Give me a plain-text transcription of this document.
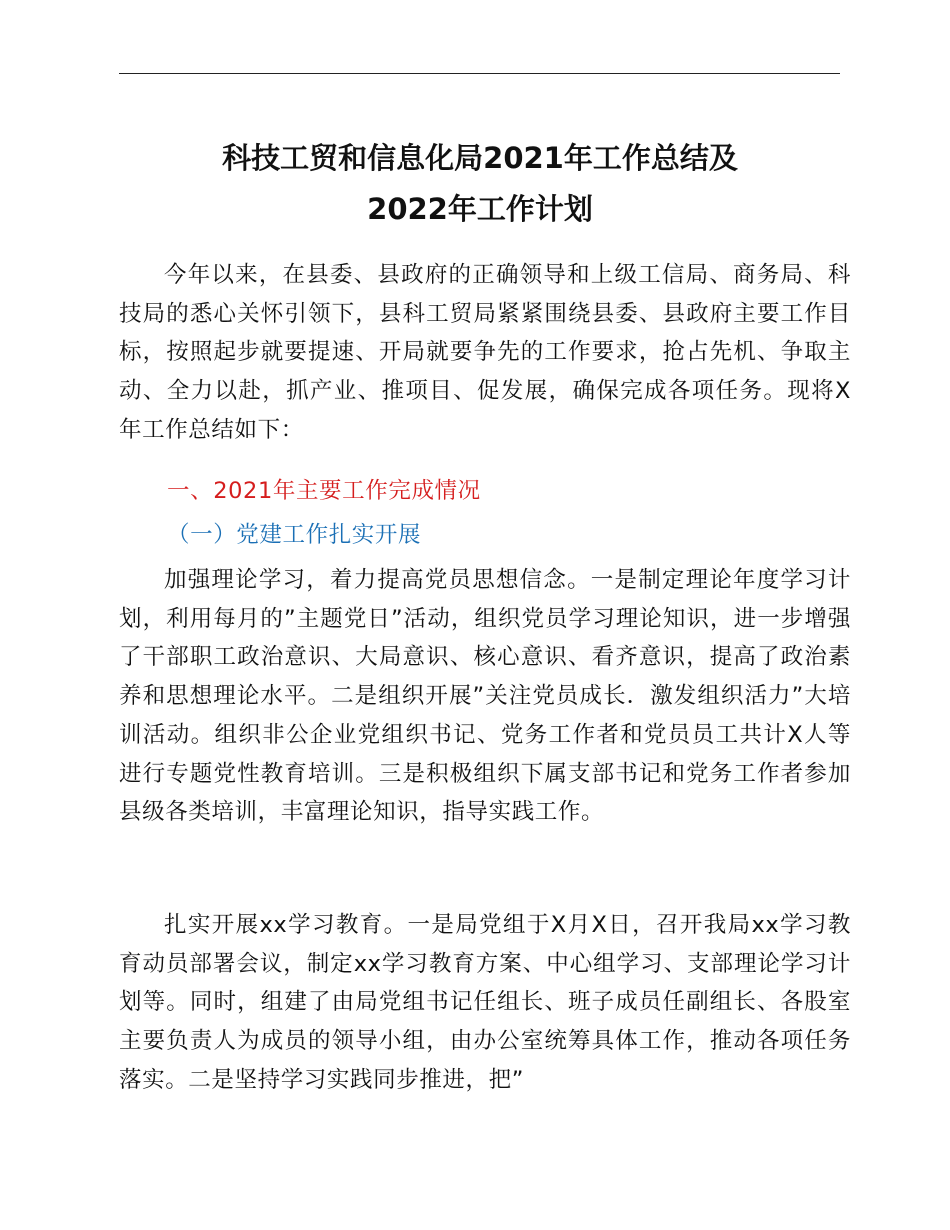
科技工贸和信息化局2021年工作总结及
2022年工作计划

今年以来，在县委、县政府的正确领导和上级工信局、商务局、科技局的悉心关怀引领下，县科工贸局紧紧围绕县委、县政府主要工作目标，按照起步就要提速、开局就要争先的工作要求，抢占先机、争取主动、全力以赴，抓产业、推项目、促发展，确保完成各项任务。现将X年工作总结如下：

一、2021年主要工作完成情况
（一）党建工作扎实开展

加强理论学习，着力提高党员思想信念。一是制定理论年度学习计划，利用每月的”主题党日”活动，组织党员学习理论知识，进一步增强了干部职工政治意识、大局意识、核心意识、看齐意识，提高了政治素养和思想理论水平。二是组织开展”关注党员成长．激发组织活力”大培训活动。组织非公企业党组织书记、党务工作者和党员员工共计X人等进行专题党性教育培训。三是积极组织下属支部书记和党务工作者参加县级各类培训，丰富理论知识，指导实践工作。

扎实开展xx学习教育。一是局党组于X月X日，召开我局xx学习教育动员部署会议，制定xx学习教育方案、中心组学习、支部理论学习计划等。同时，组建了由局党组书记任组长、班子成员任副组长、各股室主要负责人为成员的领导小组，由办公室统筹具体工作，推动各项任务落实。二是坚持学习实践同步推进，把”
